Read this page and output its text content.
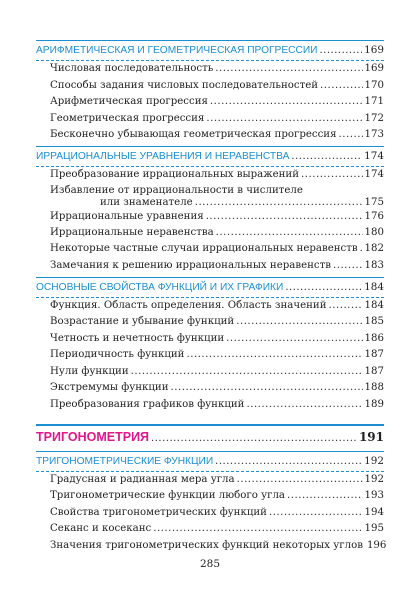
АРИФМЕТИЧЕСКАЯ И ГЕОМЕТРИЧЕСКАЯ ПРОГРЕССИИ .....	169
Числовая последовательность .....	169
Способы задания числовых последовательностей .....	170
Арифметическая прогрессия .....	171
Геометрическая прогрессия .....	172
Бесконечно убывающая геометрическая прогрессия .....	173
ИРРАЦИОНАЛЬНЫЕ УРАВНЕНИЯ И НЕРАВЕНСТВА .....	174
Преобразование иррациональных выражений .....	174
Избавление от иррациональности в числителе
или знаменателе .....	175
Иррациональные уравнения .....	176
Иррациональные неравенства .....	180
Некоторые частные случаи иррациональных неравенств ..... 182
Замечания к решению иррациональных неравенств .....	183
ОСНОВНЫЕ СВОЙСТВА ФУНКЦИЙ И ИХ ГРАФИКИ .....	184
Функция. Область определения. Область значений .....	184
Возрастание и убывание функций .....	185
Четность и нечетность функции .....	186
Периодичность функций .....	187
Нули функции .....	187
Экстремумы функции .....	188
Преобразования графиков функций .....	189
ТРИГОНОМЕТРИЯ .....	191
ТРИГОНОМЕТРИЧЕСКИЕ ФУНКЦИИ .....	192
Градусная и радианная мера угла .....	192
Тригонометрические функции любого угла .....	193
Свойства тригонометрических функций .....	194
Секанс и косеканс .....	195
Значения тригонометрических функций некоторых углов 196
285
